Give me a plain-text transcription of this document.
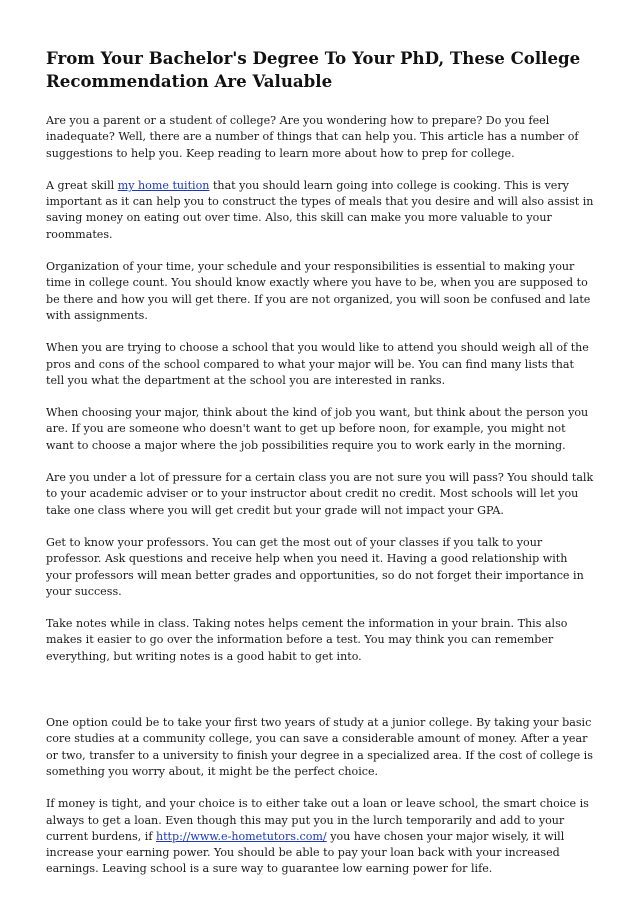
From Your Bachelor's Degree To Your PhD, These College Recommendation Are Valuable

Are you a parent or a student of college? Are you wondering how to prepare? Do you feel inadequate? Well, there are a number of things that can help you. This article has a number of suggestions to help you. Keep reading to learn more about how to prep for college.

A great skill my home tuition that you should learn going into college is cooking. This is very important as it can help you to construct the types of meals that you desire and will also assist in saving money on eating out over time. Also, this skill can make you more valuable to your roommates.

Organization of your time, your schedule and your responsibilities is essential to making your time in college count. You should know exactly where you have to be, when you are supposed to be there and how you will get there. If you are not organized, you will soon be confused and late with assignments.

When you are trying to choose a school that you would like to attend you should weigh all of the pros and cons of the school compared to what your major will be. You can find many lists that tell you what the department at the school you are interested in ranks.

When choosing your major, think about the kind of job you want, but think about the person you are. If you are someone who doesn't want to get up before noon, for example, you might not want to choose a major where the job possibilities require you to work early in the morning.

Are you under a lot of pressure for a certain class you are not sure you will pass? You should talk to your academic adviser or to your instructor about credit no credit. Most schools will let you take one class where you will get credit but your grade will not impact your GPA.

Get to know your professors. You can get the most out of your classes if you talk to your professor. Ask questions and receive help when you need it. Having a good relationship with your professors will mean better grades and opportunities, so do not forget their importance in your success.

Take notes while in class. Taking notes helps cement the information in your brain. This also makes it easier to go over the information before a test. You may think you can remember everything, but writing notes is a good habit to get into.

One option could be to take your first two years of study at a junior college. By taking your basic core studies at a community college, you can save a considerable amount of money. After a year or two, transfer to a university to finish your degree in a specialized area. If the cost of college is something you worry about, it might be the perfect choice.

If money is tight, and your choice is to either take out a loan or leave school, the smart choice is always to get a loan. Even though this may put you in the lurch temporarily and add to your current burdens, if http://www.e-hometutors.com/ you have chosen your major wisely, it will increase your earning power. You should be able to pay your loan back with your increased earnings. Leaving school is a sure way to guarantee low earning power for life.
